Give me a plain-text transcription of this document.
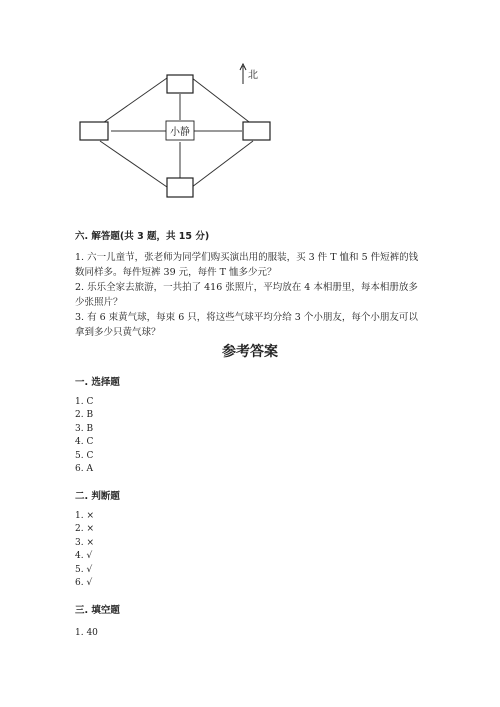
小静
北
六. 解答题(共 3 题，共 15 分)

1. 六一儿童节，张老师为同学们购买演出用的服装，买 3 件 T 恤和 5 件短裤的钱数同样多。每件短裤 39 元，每件 T 恤多少元？

2. 乐乐全家去旅游，一共拍了 416 张照片，平均放在 4 本相册里，每本相册放多少张照片？

3. 有 6 束黄气球，每束 6 只，将这些气球平均分给 3 个小朋友，每个小朋友可以拿到多少只黄气球？

参考答案
一. 选择题
1. C
2. B
3. B
4. C
5. C
6. A
二. 判断题
1. ×
2. ×
3. ×
4. √
5. √
6. √
三. 填空题
1. 40
